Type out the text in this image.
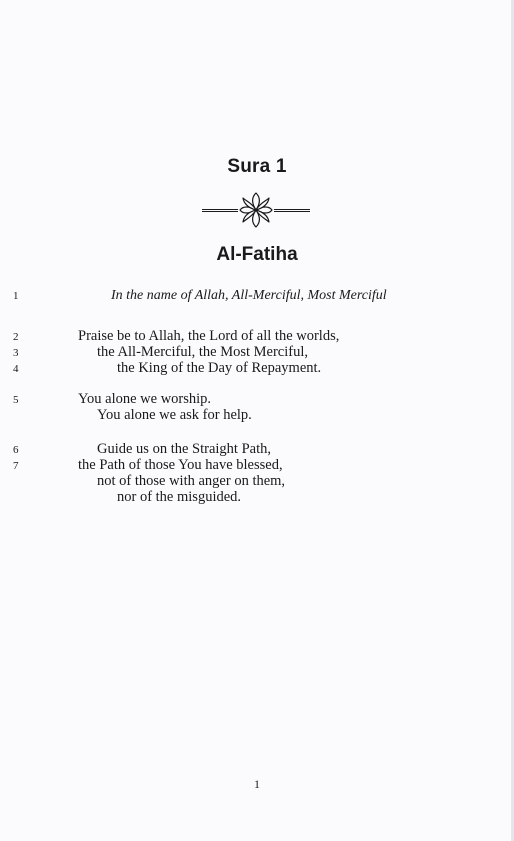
Sura 1
Al-Fatiha
1	In the name of Allah, All-Merciful, Most Merciful
2	Praise be to Allah, the Lord of all the worlds,
3	the All-Merciful, the Most Merciful,
4	the King of the Day of Repayment.
5	You alone we worship.
You alone we ask for help.
6	Guide us on the Straight Path,
7	the Path of those You have blessed,
not of those with anger on them,
nor of the misguided.
1
